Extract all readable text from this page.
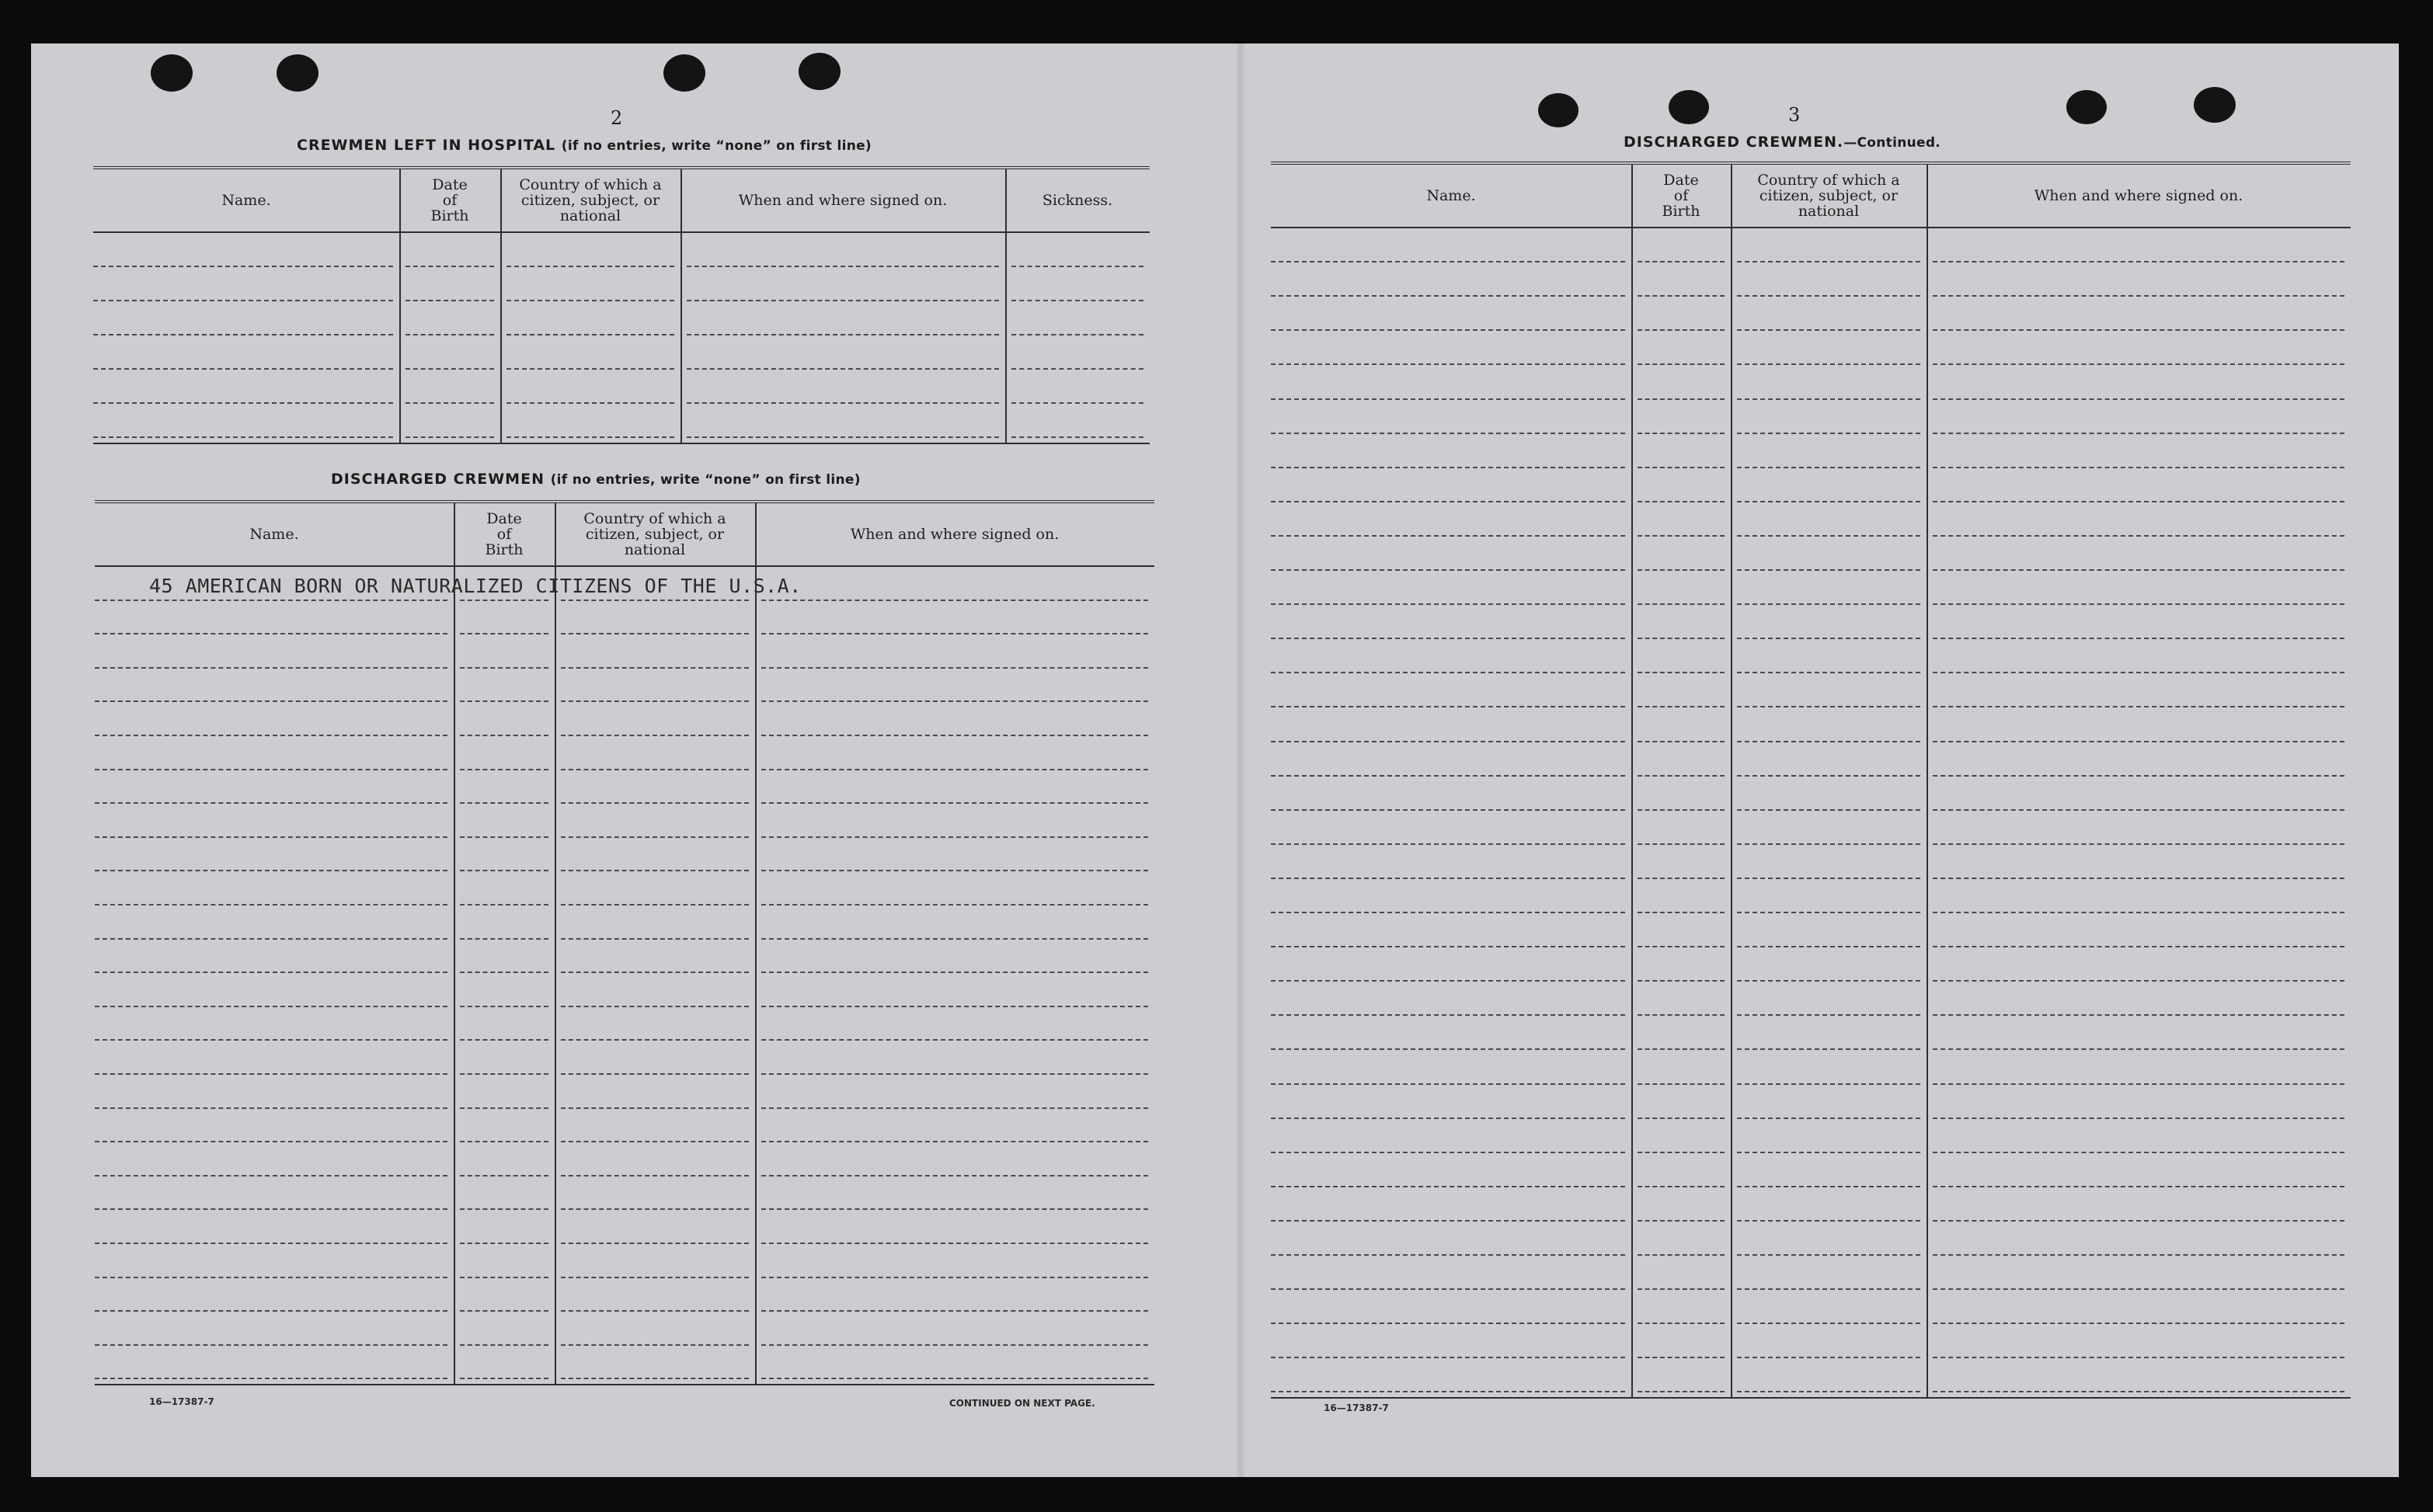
2
CREWMEN LEFT IN HOSPITAL (if no entries, write “none” on first line)
Name.
Date
of
Birth
Country of which a
citizen, subject, or
national
When and where signed on.	Sickness.
DISCHARGED CREWMEN (if no entries, write “none” on first line)
Name.
Date
of
Birth
Country of which a
citizen, subject, or
national
When and where signed on.
45 AMERICAN BORN OR NATURALIZED CITIZENS OF THE U.S.A.
16—17387-7	CONTINUED ON NEXT PAGE.
3
DISCHARGED CREWMEN.—Continued.
Name.
Date
of
Birth
Country of which a
citizen, subject, or
national
When and where signed on.
16—17387-7
